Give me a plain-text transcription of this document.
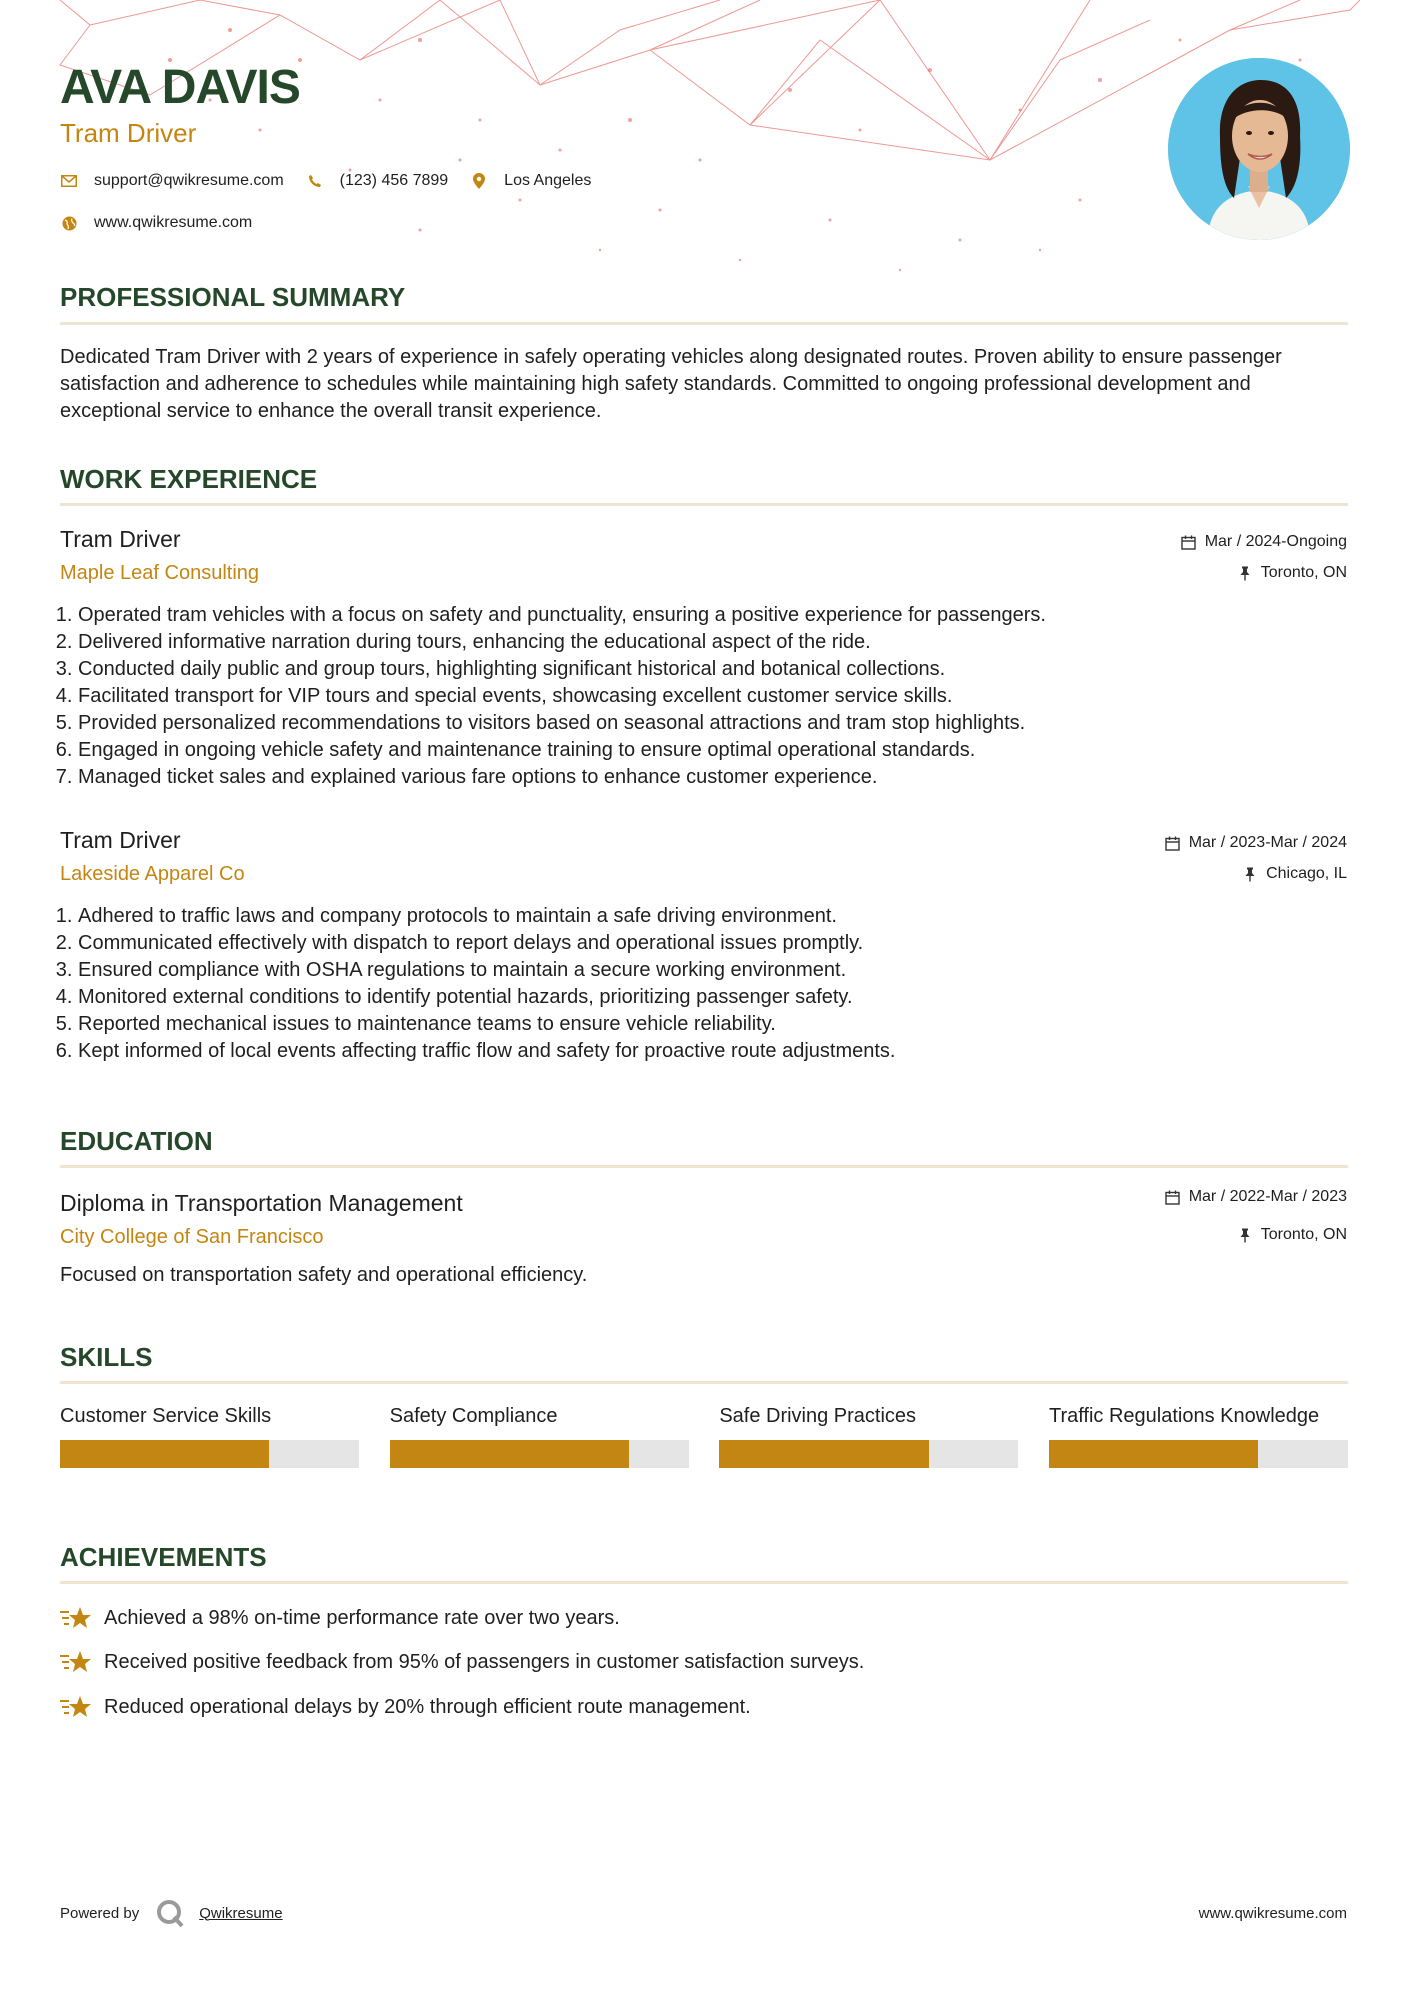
AVA DAVIS
Tram Driver
support@qwikresume.com	(123) 456 7899	Los Angeles
www.qwikresume.com
PROFESSIONAL SUMMARY
Dedicated Tram Driver with 2 years of experience in safely operating vehicles along designated routes. Proven ability to ensure passenger satisfaction and adherence to schedules while maintaining high safety standards. Committed to ongoing professional development and exceptional service to enhance the overall transit experience.
WORK EXPERIENCE
Tram Driver
Maple Leaf Consulting
Mar / 2024-Ongoing
Toronto, ON
1. Operated tram vehicles with a focus on safety and punctuality, ensuring a positive experience for passengers.
2. Delivered informative narration during tours, enhancing the educational aspect of the ride.
3. Conducted daily public and group tours, highlighting significant historical and botanical collections.
4. Facilitated transport for VIP tours and special events, showcasing excellent customer service skills.
5. Provided personalized recommendations to visitors based on seasonal attractions and tram stop highlights.
6. Engaged in ongoing vehicle safety and maintenance training to ensure optimal operational standards.
7. Managed ticket sales and explained various fare options to enhance customer experience.
Tram Driver
Lakeside Apparel Co
Mar / 2023-Mar / 2024
Chicago, IL
1. Adhered to traffic laws and company protocols to maintain a safe driving environment.
2. Communicated effectively with dispatch to report delays and operational issues promptly.
3. Ensured compliance with OSHA regulations to maintain a secure working environment.
4. Monitored external conditions to identify potential hazards, prioritizing passenger safety.
5. Reported mechanical issues to maintenance teams to ensure vehicle reliability.
6. Kept informed of local events affecting traffic flow and safety for proactive route adjustments.
EDUCATION
Diploma in Transportation Management
City College of San Francisco
Mar / 2022-Mar / 2023
Toronto, ON
Focused on transportation safety and operational efficiency.
SKILLS
Customer Service Skills	Safety Compliance	Safe Driving Practices	Traffic Regulations Knowledge
ACHIEVEMENTS
Achieved a 98% on-time performance rate over two years.
Received positive feedback from 95% of passengers in customer satisfaction surveys.
Reduced operational delays by 20% through efficient route management.
Powered by	Qwikresume	www.qwikresume.com
